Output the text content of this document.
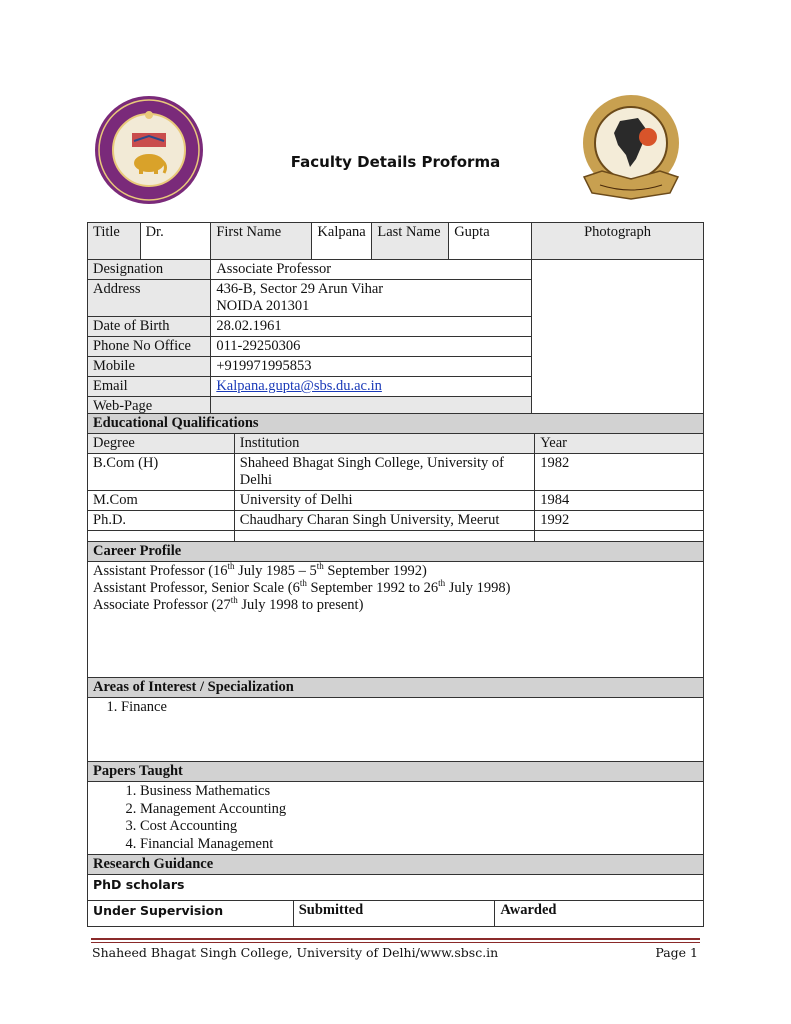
Faculty Details Proforma
Title	Dr.	First Name	Kalpana	Last Name	Gupta	Photograph
Designation		Associate Professor				
Address		436-B, Sector 29 Arun Vihar
NOIDA 201301				

Date of Birth		28.02.1961				
Phone No Office		011-29250306				
Mobile		+919971995853				
Email		Kalpana.gupta@sbs.du.ac.in				
Web-Page						
Educational Qualifications		
Degree	Institution	Year
B.Com (H)	Shaheed Bhagat Singh College, University of Delhi	1982
M.Com	University of Delhi	1984
Ph.D.	Chaudhary Charan Singh University, Meerut	1992

Career Profile

Assistant Professor (16th July 1985 – 5th September 1992)
Assistant Professor, Senior Scale (6th September 1992 to 26th July 1998)
Associate Professor (27th July 1998 to present)

Areas of Interest / Specialization

1. Finance

Papers Taught

1. Business Mathematics
2. Management Accounting
3. Cost Accounting
4. Financial Management

Research Guidance
PhD scholars
Under Supervision	Submitted	Awarded
Shaheed Bhagat Singh College, University of Delhi/www.sbsc.in	Page 1
